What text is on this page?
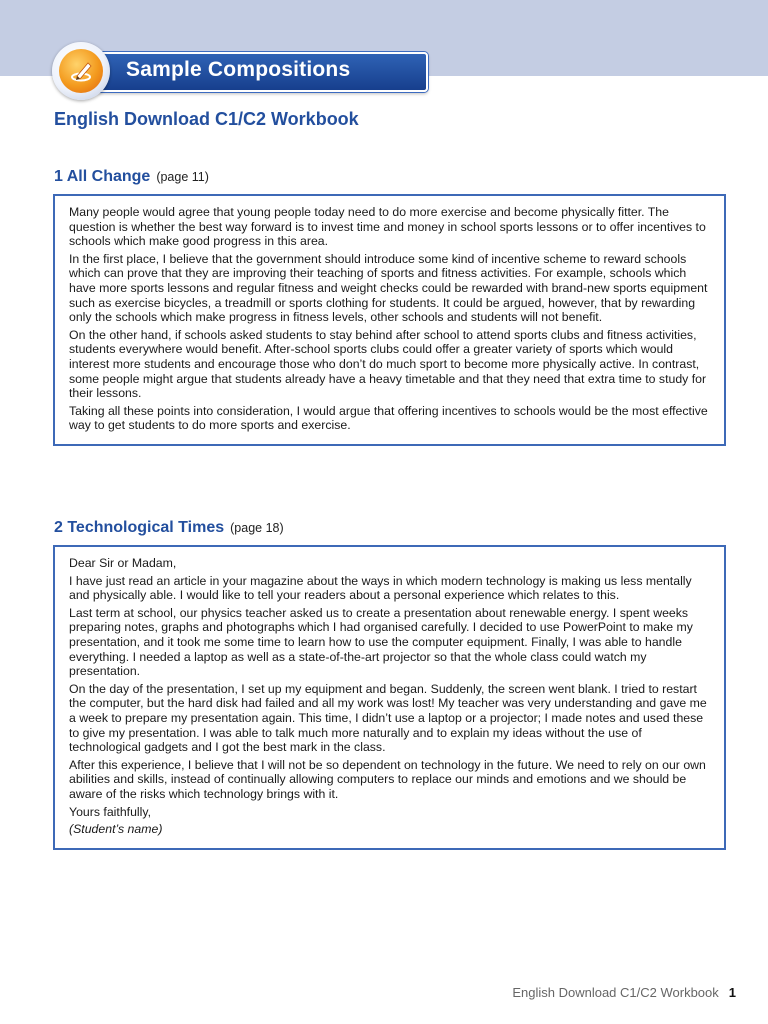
Sample Compositions
English Download C1/C2 Workbook
1 All Change (page 11)

Many people would agree that young people today need to do more exercise and become physically fitter. The question is whether the best way forward is to invest time and money in school sports lessons or to offer incentives to schools which make good progress in this area.

In the first place, I believe that the government should introduce some kind of incentive scheme to reward schools which can prove that they are improving their teaching of sports and fitness activities. For example, schools which have more sports lessons and regular fitness and weight checks could be rewarded with brand-new sports equipment such as exercise bicycles, a treadmill or sports clothing for students. It could be argued, however, that by rewarding only the schools which make progress in fitness levels, other schools and students will not benefit.

On the other hand, if schools asked students to stay behind after school to attend sports clubs and fitness activities, students everywhere would benefit. After-school sports clubs could offer a greater variety of sports which would interest more students and encourage those who don’t do much sport to become more physically active. In contrast, some people might argue that students already have a heavy timetable and that they need that extra time to study for their lessons.

Taking all these points into consideration, I would argue that offering incentives to schools would be the most effective way to get students to do more sports and exercise.

2 Technological Times (page 18)

Dear Sir or Madam,

I have just read an article in your magazine about the ways in which modern technology is making us less mentally and physically able. I would like to tell your readers about a personal experience which relates to this.

Last term at school, our physics teacher asked us to create a presentation about renewable energy. I spent weeks preparing notes, graphs and photographs which I had organised carefully. I decided to use PowerPoint to make my presentation, and it took me some time to learn how to use the computer equipment. Finally, I was able to handle everything. I needed a laptop as well as a state-of-the-art projector so that the whole class could watch my presentation.

On the day of the presentation, I set up my equipment and began. Suddenly, the screen went blank. I tried to restart the computer, but the hard disk had failed and all my work was lost! My teacher was very understanding and gave me a week to prepare my presentation again. This time, I didn’t use a laptop or a projector; I made notes and used these to give my presentation. I was able to talk much more naturally and to explain my ideas without the use of technological gadgets and I got the best mark in the class.

After this experience, I believe that I will not be so dependent on technology in the future. We need to rely on our own abilities and skills, instead of continually allowing computers to replace our minds and emotions and we should be aware of the risks which technology brings with it.

Yours faithfully,

(Student’s name)

English Download C1/C2 Workbook 1
